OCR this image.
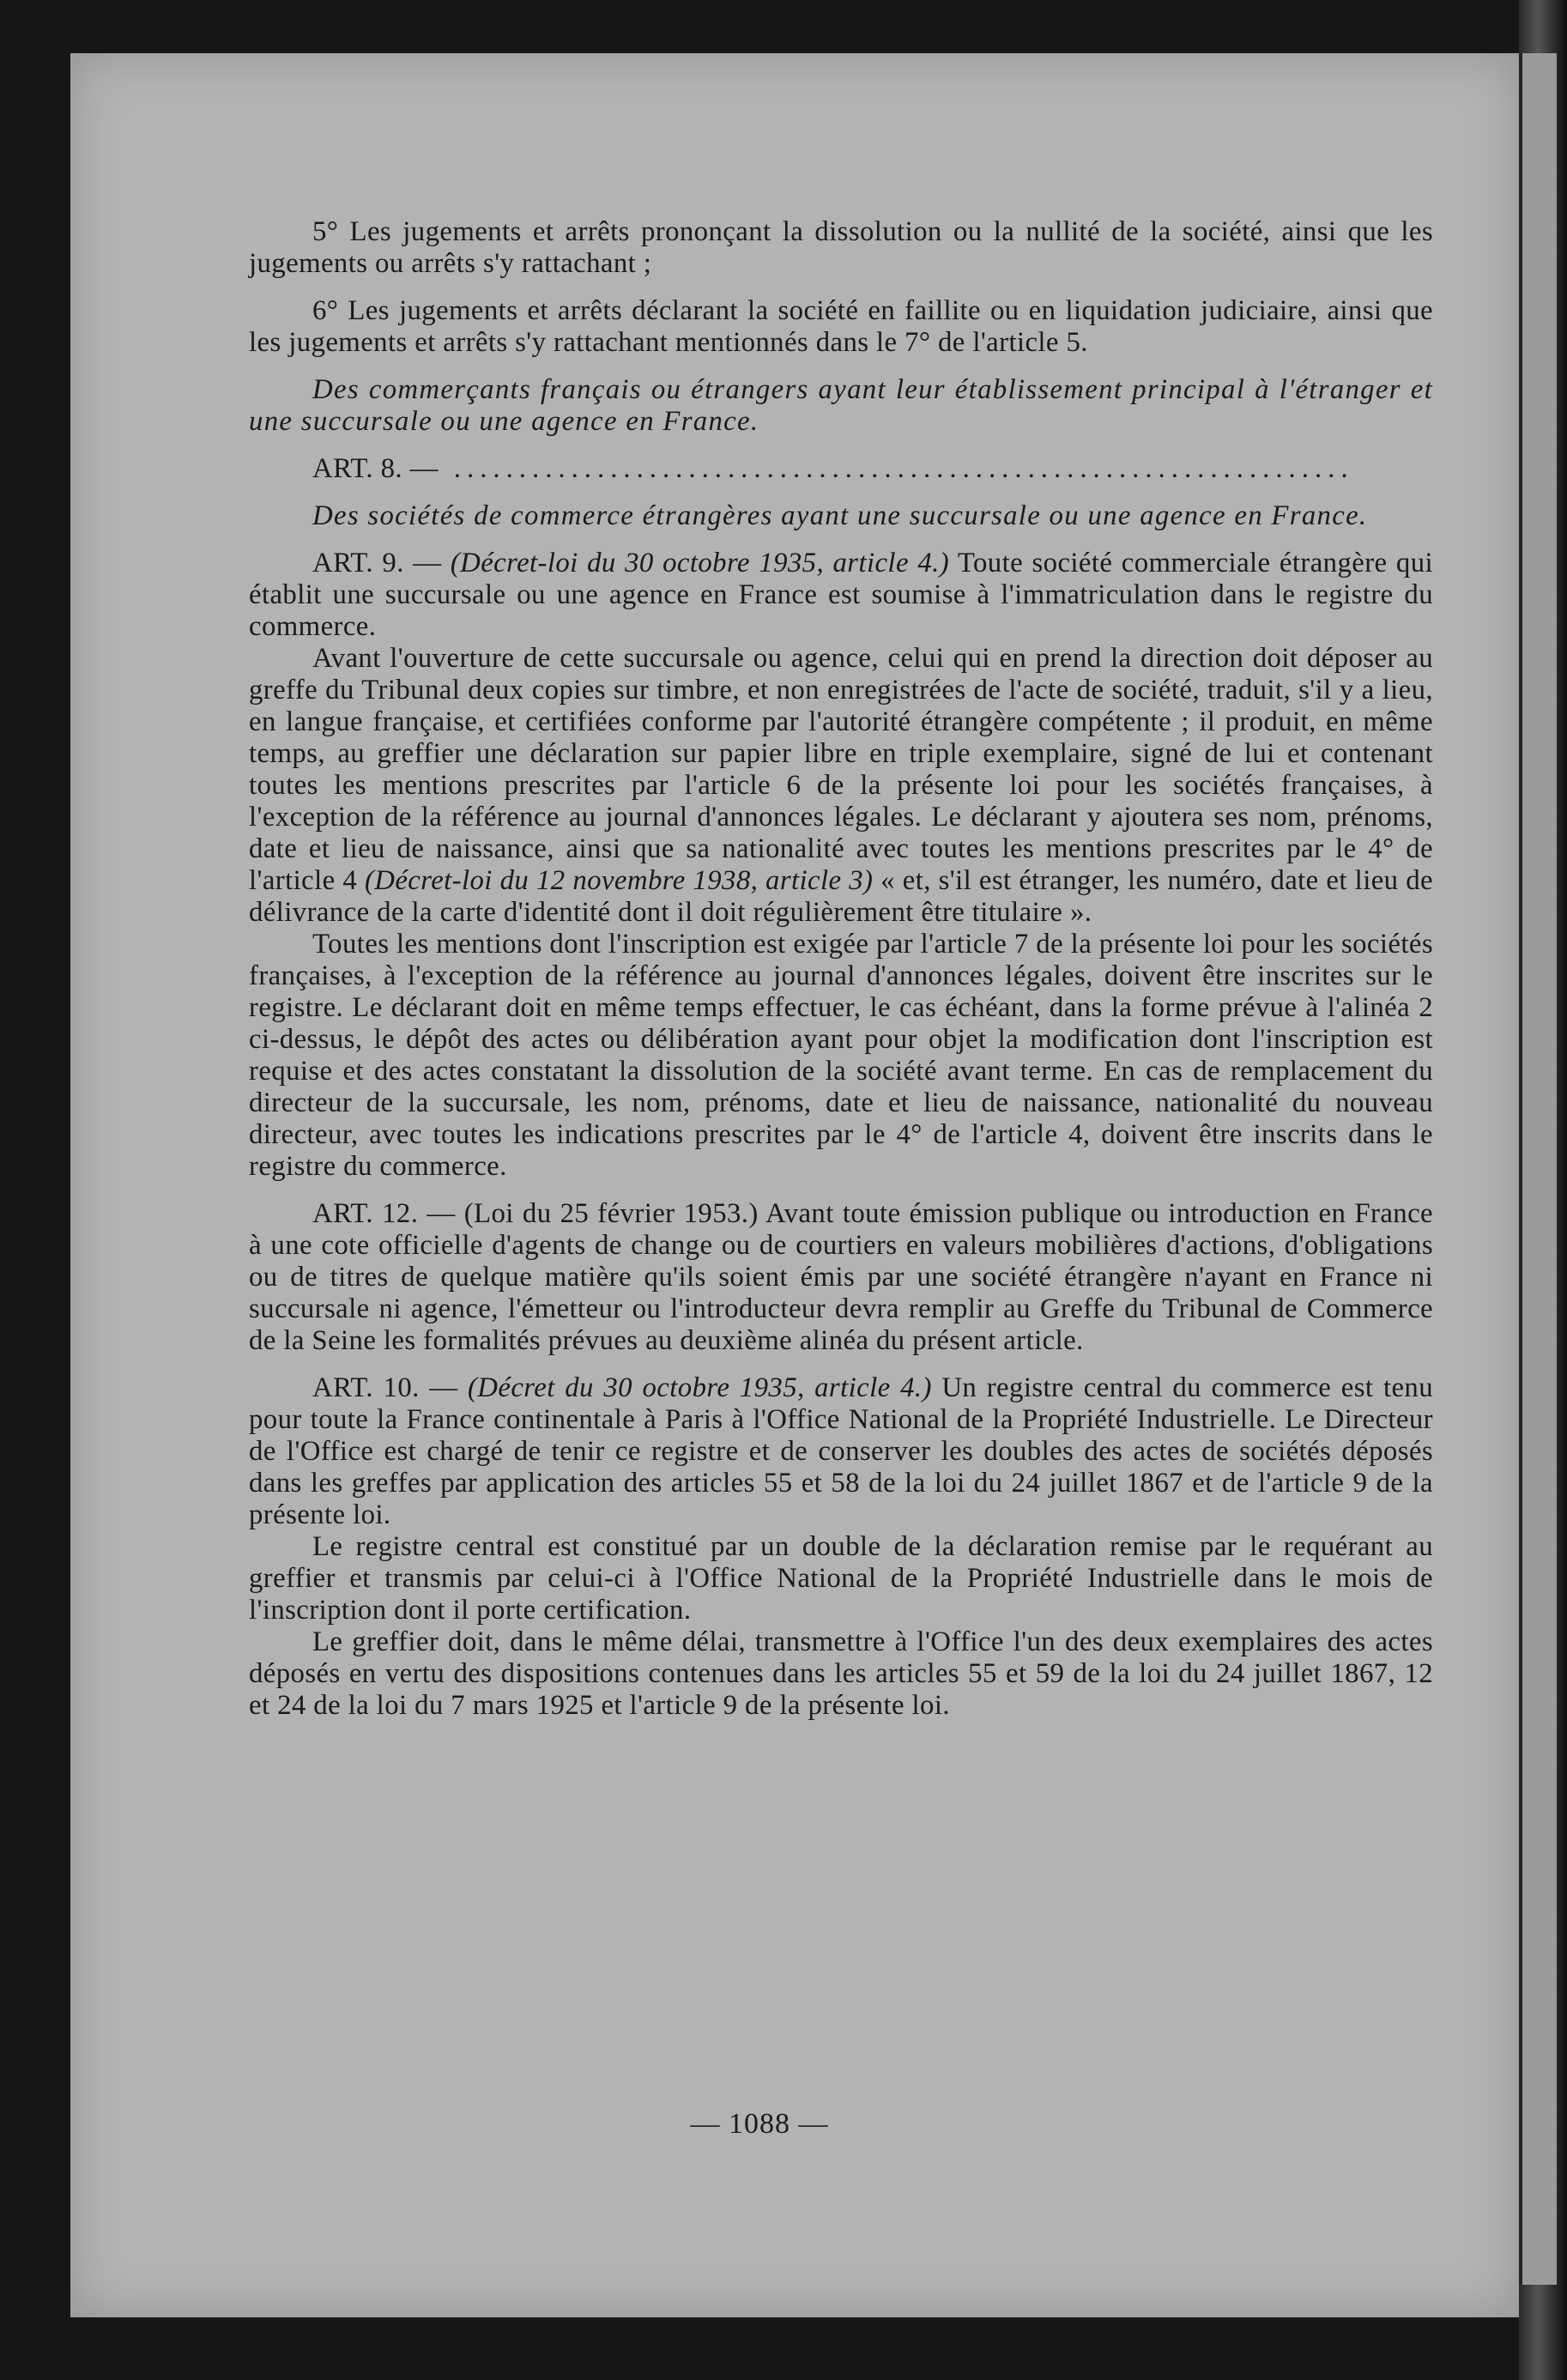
5° Les jugements et arrêts prononçant la dissolution ou la nullité de la société, ainsi que les jugements ou arrêts s'y rattachant ;

6° Les jugements et arrêts déclarant la société en faillite ou en liquidation judiciaire, ainsi que les jugements et arrêts s'y rattachant mentionnés dans le 7° de l'article 5.

Des commerçants français ou étrangers ayant leur établissement principal à l'étranger et une succursale ou une agence en France.

ART. 8. — .....................................................................

Des sociétés de commerce étrangères ayant une succursale ou une agence en France.

ART. 9. — (Décret-loi du 30 octobre 1935, article 4.) Toute société commerciale étrangère qui établit une succursale ou une agence en France est soumise à l'immatriculation dans le registre du commerce.

Avant l'ouverture de cette succursale ou agence, celui qui en prend la direction doit déposer au greffe du Tribunal deux copies sur timbre, et non enregistrées de l'acte de société, traduit, s'il y a lieu, en langue française, et certifiées conforme par l'autorité étrangère compétente ; il produit, en même temps, au greffier une déclaration sur papier libre en triple exemplaire, signé de lui et contenant toutes les mentions prescrites par l'article 6 de la présente loi pour les sociétés françaises, à l'exception de la référence au journal d'annonces légales. Le déclarant y ajoutera ses nom, prénoms, date et lieu de naissance, ainsi que sa nationalité avec toutes les mentions prescrites par le 4° de l'article 4 (Décret-loi du 12 novembre 1938, article 3) « et, s'il est étranger, les numéro, date et lieu de délivrance de la carte d'identité dont il doit régulièrement être titulaire ».

Toutes les mentions dont l'inscription est exigée par l'article 7 de la présente loi pour les sociétés françaises, à l'exception de la référence au journal d'annonces légales, doivent être inscrites sur le registre. Le déclarant doit en même temps effectuer, le cas échéant, dans la forme prévue à l'alinéa 2 ci-dessus, le dépôt des actes ou délibération ayant pour objet la modification dont l'inscription est requise et des actes constatant la dissolution de la société avant terme. En cas de remplacement du directeur de la succursale, les nom, prénoms, date et lieu de naissance, nationalité du nouveau directeur, avec toutes les indications prescrites par le 4° de l'article 4, doivent être inscrits dans le registre du commerce.

ART. 12. — (Loi du 25 février 1953.) Avant toute émission publique ou introduction en France à une cote officielle d'agents de change ou de courtiers en valeurs mobilières d'actions, d'obligations ou de titres de quelque matière qu'ils soient émis par une société étrangère n'ayant en France ni succursale ni agence, l'émetteur ou l'introducteur devra remplir au Greffe du Tribunal de Commerce de la Seine les formalités prévues au deuxième alinéa du présent article.

ART. 10. — (Décret du 30 octobre 1935, article 4.) Un registre central du commerce est tenu pour toute la France continentale à Paris à l'Office National de la Propriété Industrielle. Le Directeur de l'Office est chargé de tenir ce registre et de conserver les doubles des actes de sociétés déposés dans les greffes par application des articles 55 et 58 de la loi du 24 juillet 1867 et de l'article 9 de la présente loi.

Le registre central est constitué par un double de la déclaration remise par le requérant au greffier et transmis par celui-ci à l'Office National de la Propriété Industrielle dans le mois de l'inscription dont il porte certification.

Le greffier doit, dans le même délai, transmettre à l'Office l'un des deux exemplaires des actes déposés en vertu des dispositions contenues dans les articles 55 et 59 de la loi du 24 juillet 1867, 12 et 24 de la loi du 7 mars 1925 et l'article 9 de la présente loi.

— 1088 —
